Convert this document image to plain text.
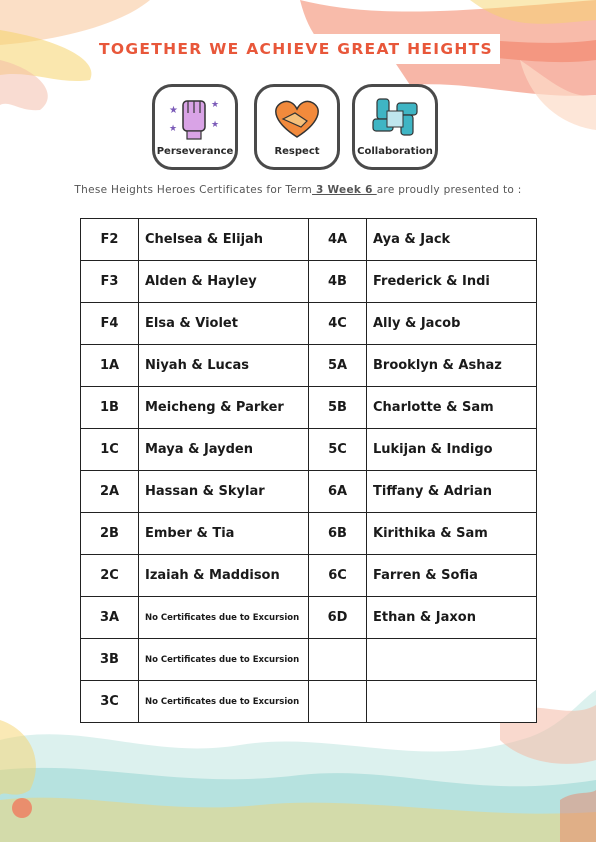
TOGETHER WE ACHIEVE GREAT HEIGHTS
★	★
★
★
Perseverance	Respect	Collaboration
These Heights Heroes Certificates for Term 3 Week 6 are proudly presented to :
F2	Chelsea & Elijah	4A	Aya & Jack
F3	Alden & Hayley	4B	Frederick & Indi
F4	Elsa & Violet	4C	Ally & Jacob
1A	Niyah & Lucas	5A	Brooklyn & Ashaz
1B	Meicheng & Parker	5B	Charlotte & Sam
1C	Maya & Jayden	5C	Lukijan & Indigo
2A	Hassan & Skylar	6A	Tiffany & Adrian
2B	Ember & Tia	6B	Kirithika & Sam
2C	Izaiah & Maddison	6C	Farren & Sofia
3A	No Certificates due to Excursion	6D	Ethan & Jaxon
3B	No Certificates due to Excursion		
3C	No Certificates due to Excursion		
